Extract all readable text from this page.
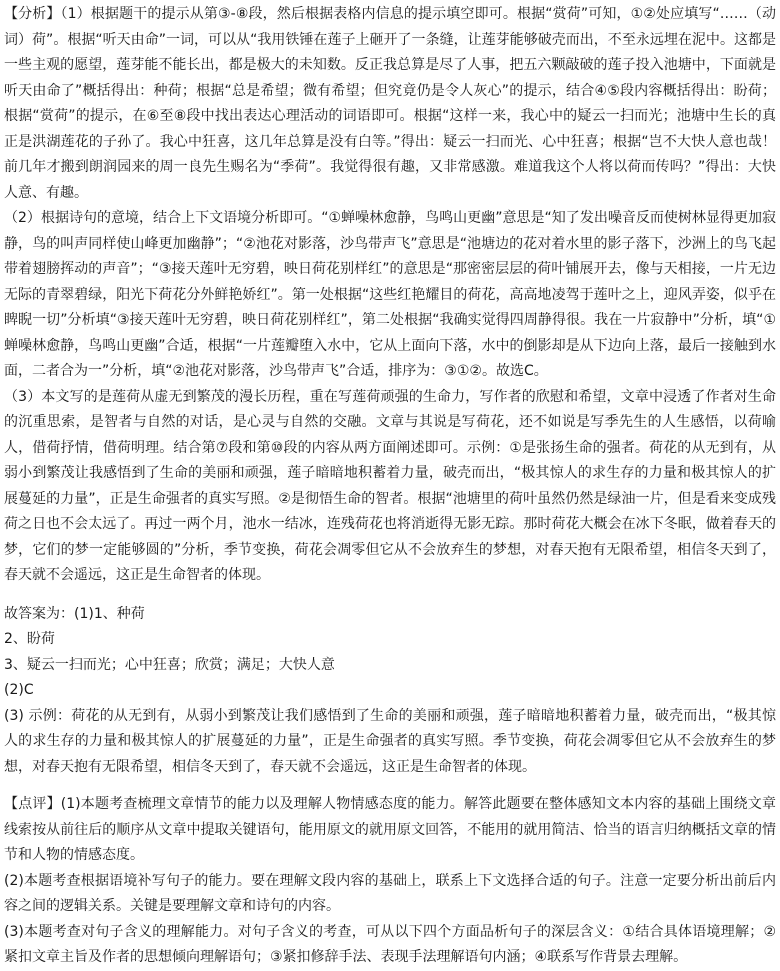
【分析】（1）根据题干的提示从第③-⑧段，然后根据表格内信息的提示填空即可。根据“赏荷”可知，①②处应填写“……（动词）荷”。根据“听天由命”一词，可以从“我用铁锤在莲子上砸开了一条缝，让莲芽能够破壳而出，不至永远埋在泥中。这都是一些主观的愿望，莲芽能不能长出，都是极大的未知数。反正我总算是尽了人事，把五六颗敲破的莲子投入池塘中，下面就是听天由命了”概括得出：种荷；根据“总是希望；微有希望；但究竟仍是令人灰心”的提示，结合④⑤段内容概括得出：盼荷；根据“赏荷”的提示，在⑥至⑧段中找出表达心理活动的词语即可。根据“这样一来，我心中的疑云一扫而光；池塘中生长的真正是洪湖莲花的子孙了。我心中狂喜，这几年总算是没有白等。”得出：疑云一扫而光、心中狂喜；根据“岂不大快人意也哉！前几年才搬到朗润园来的周一良先生赐名为“季荷”。我觉得很有趣，又非常感激。难道我这个人将以荷而传吗？”得出：大快人意、有趣。

（2）根据诗句的意境，结合上下文语境分析即可。“①蝉噪林愈静，鸟鸣山更幽”意思是“知了发出噪音反而使树林显得更加寂静，鸟的叫声同样使山峰更加幽静”；“②池花对影落，沙鸟带声飞”意思是“池塘边的花对着水里的影子落下，沙洲上的鸟飞起带着翅膀挥动的声音”；“③接天莲叶无穷碧，映日荷花别样红”的意思是“那密密层层的荷叶铺展开去，像与天相接，一片无边无际的青翠碧绿，阳光下荷花分外鲜艳娇红”。第一处根据“这些红艳耀目的荷花，高高地凌驾于莲叶之上，迎风弄姿，似乎在睥睨一切”分析填“③接天莲叶无穷碧，映日荷花别样红”，第二处根据“我确实觉得四周静得很。我在一片寂静中”分析，填“①蝉噪林愈静，鸟鸣山更幽”合适，根据“一片莲瓣堕入水中，它从上面向下落，水中的倒影却是从下边向上落，最后一接触到水面，二者合为一”分析，填“②池花对影落，沙鸟带声飞”合适，排序为：③①②。故选C。

（3）本文写的是莲荷从虚无到繁茂的漫长历程，重在写莲荷顽强的生命力，写作者的欣慰和希望，文章中浸透了作者对生命的沉重思索，是智者与自然的对话，是心灵与自然的交融。文章与其说是写荷花，还不如说是写季先生的人生感悟，以荷喻人，借荷抒情，借荷明理。结合第⑦段和第⑩段的内容从两方面阐述即可。示例：①是张扬生命的强者。荷花的从无到有，从弱小到繁茂让我感悟到了生命的美丽和顽强，莲子暗暗地积蓄着力量，破壳而出，“极其惊人的求生存的力量和极其惊人的扩展蔓延的力量”，正是生命强者的真实写照。②是彻悟生命的智者。根据“池塘里的荷叶虽然仍然是绿油一片，但是看来变成残荷之日也不会太远了。再过一两个月，池水一结冰，连残荷花也将消逝得无影无踪。那时荷花大概会在冰下冬眠，做着春天的梦，它们的梦一定能够圆的”分析，季节变换，荷花会凋零但它从不会放弃生的梦想，对春天抱有无限希望，相信冬天到了，春天就不会遥远，这正是生命智者的体现。

故答案为：(1)1、种荷

2、盼荷

3、疑云一扫而光；心中狂喜；欣赏；满足；大快人意

(2)C

(3) 示例：荷花的从无到有，从弱小到繁茂让我们感悟到了生命的美丽和顽强，莲子暗暗地积蓄着力量，破壳而出，“极其惊人的求生存的力量和极其惊人的扩展蔓延的力量”，正是生命强者的真实写照。季节变换，荷花会凋零但它从不会放弃生的梦想，对春天抱有无限希望，相信冬天到了，春天就不会遥远，这正是生命智者的体现。

【点评】(1)本题考查梳理文章情节的能力以及理解人物情感态度的能力。解答此题要在整体感知文本内容的基础上围绕文章线索按从前往后的顺序从文章中提取关键语句，能用原文的就用原文回答，不能用的就用简洁、恰当的语言归纳概括文章的情节和人物的情感态度。

(2)本题考查根据语境补写句子的能力。要在理解文段内容的基础上，联系上下文选择合适的句子。注意一定要分析出前后内容之间的逻辑关系。关键是要理解文章和诗句的内容。

(3)本题考查对句子含义的理解能力。对句子含义的考查，可从以下四个方面品析句子的深层含义：①结合具体语境理解；②紧扣文章主旨及作者的思想倾向理解语句；③紧扣修辞手法、表现手法理解语句内涵；④联系写作背景去理解。
